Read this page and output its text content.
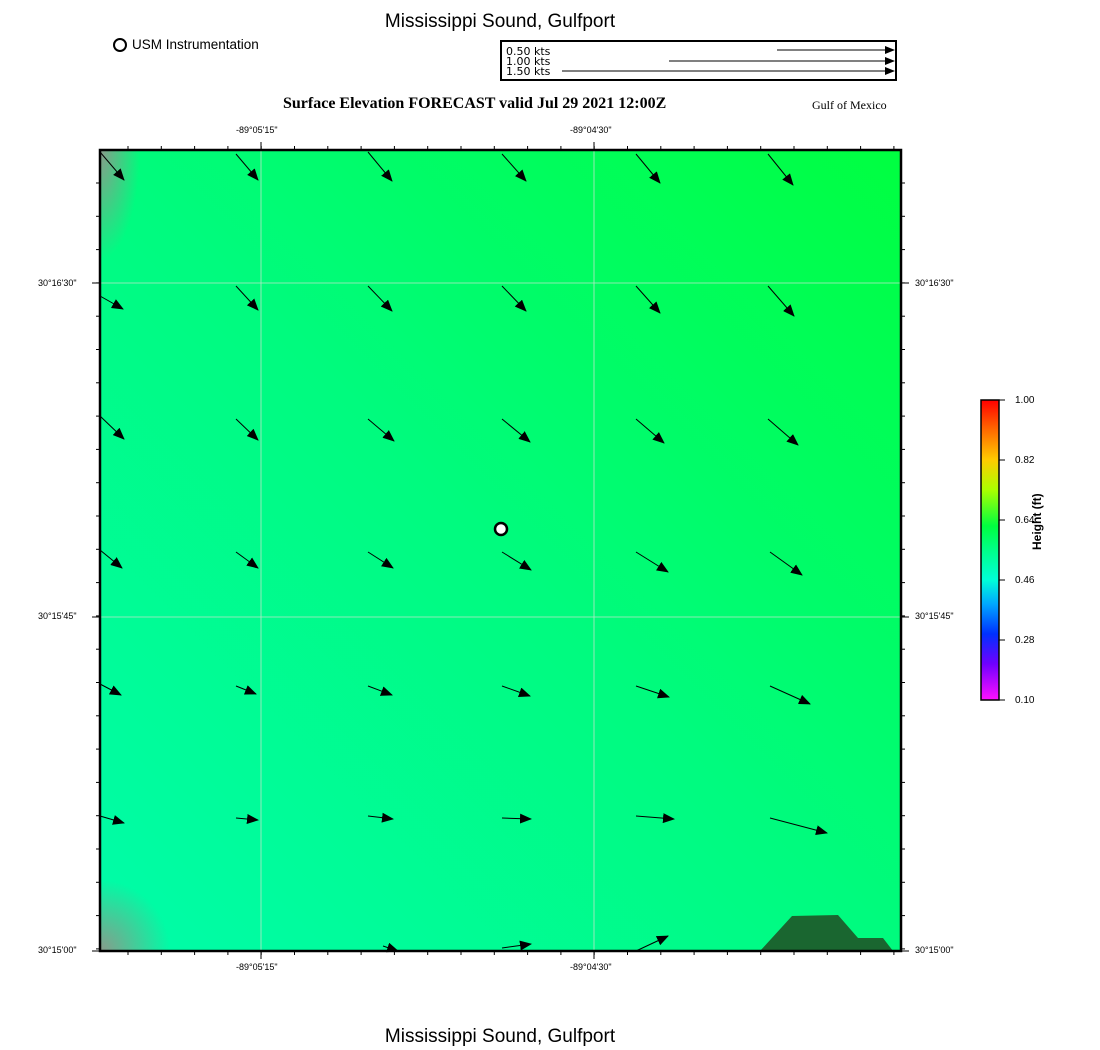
Mississippi Sound, Gulfport
USM Instrumentation	0.50 kts
1.00 kts
1.50 kts
Surface Elevation FORECAST valid Jul 29 2021 12:00Z	Gulf of Mexico
-89°05'15"	-89°04'30"
-89°05'15"	-89°04'30"
30°16'30"
30°15'45"
30°15'00"
30°16'30"
30°15'45"
30°15'00"
1.00
0.82
0.64
0.46
0.28
0.10
Height (ft)
Mississippi Sound, Gulfport
